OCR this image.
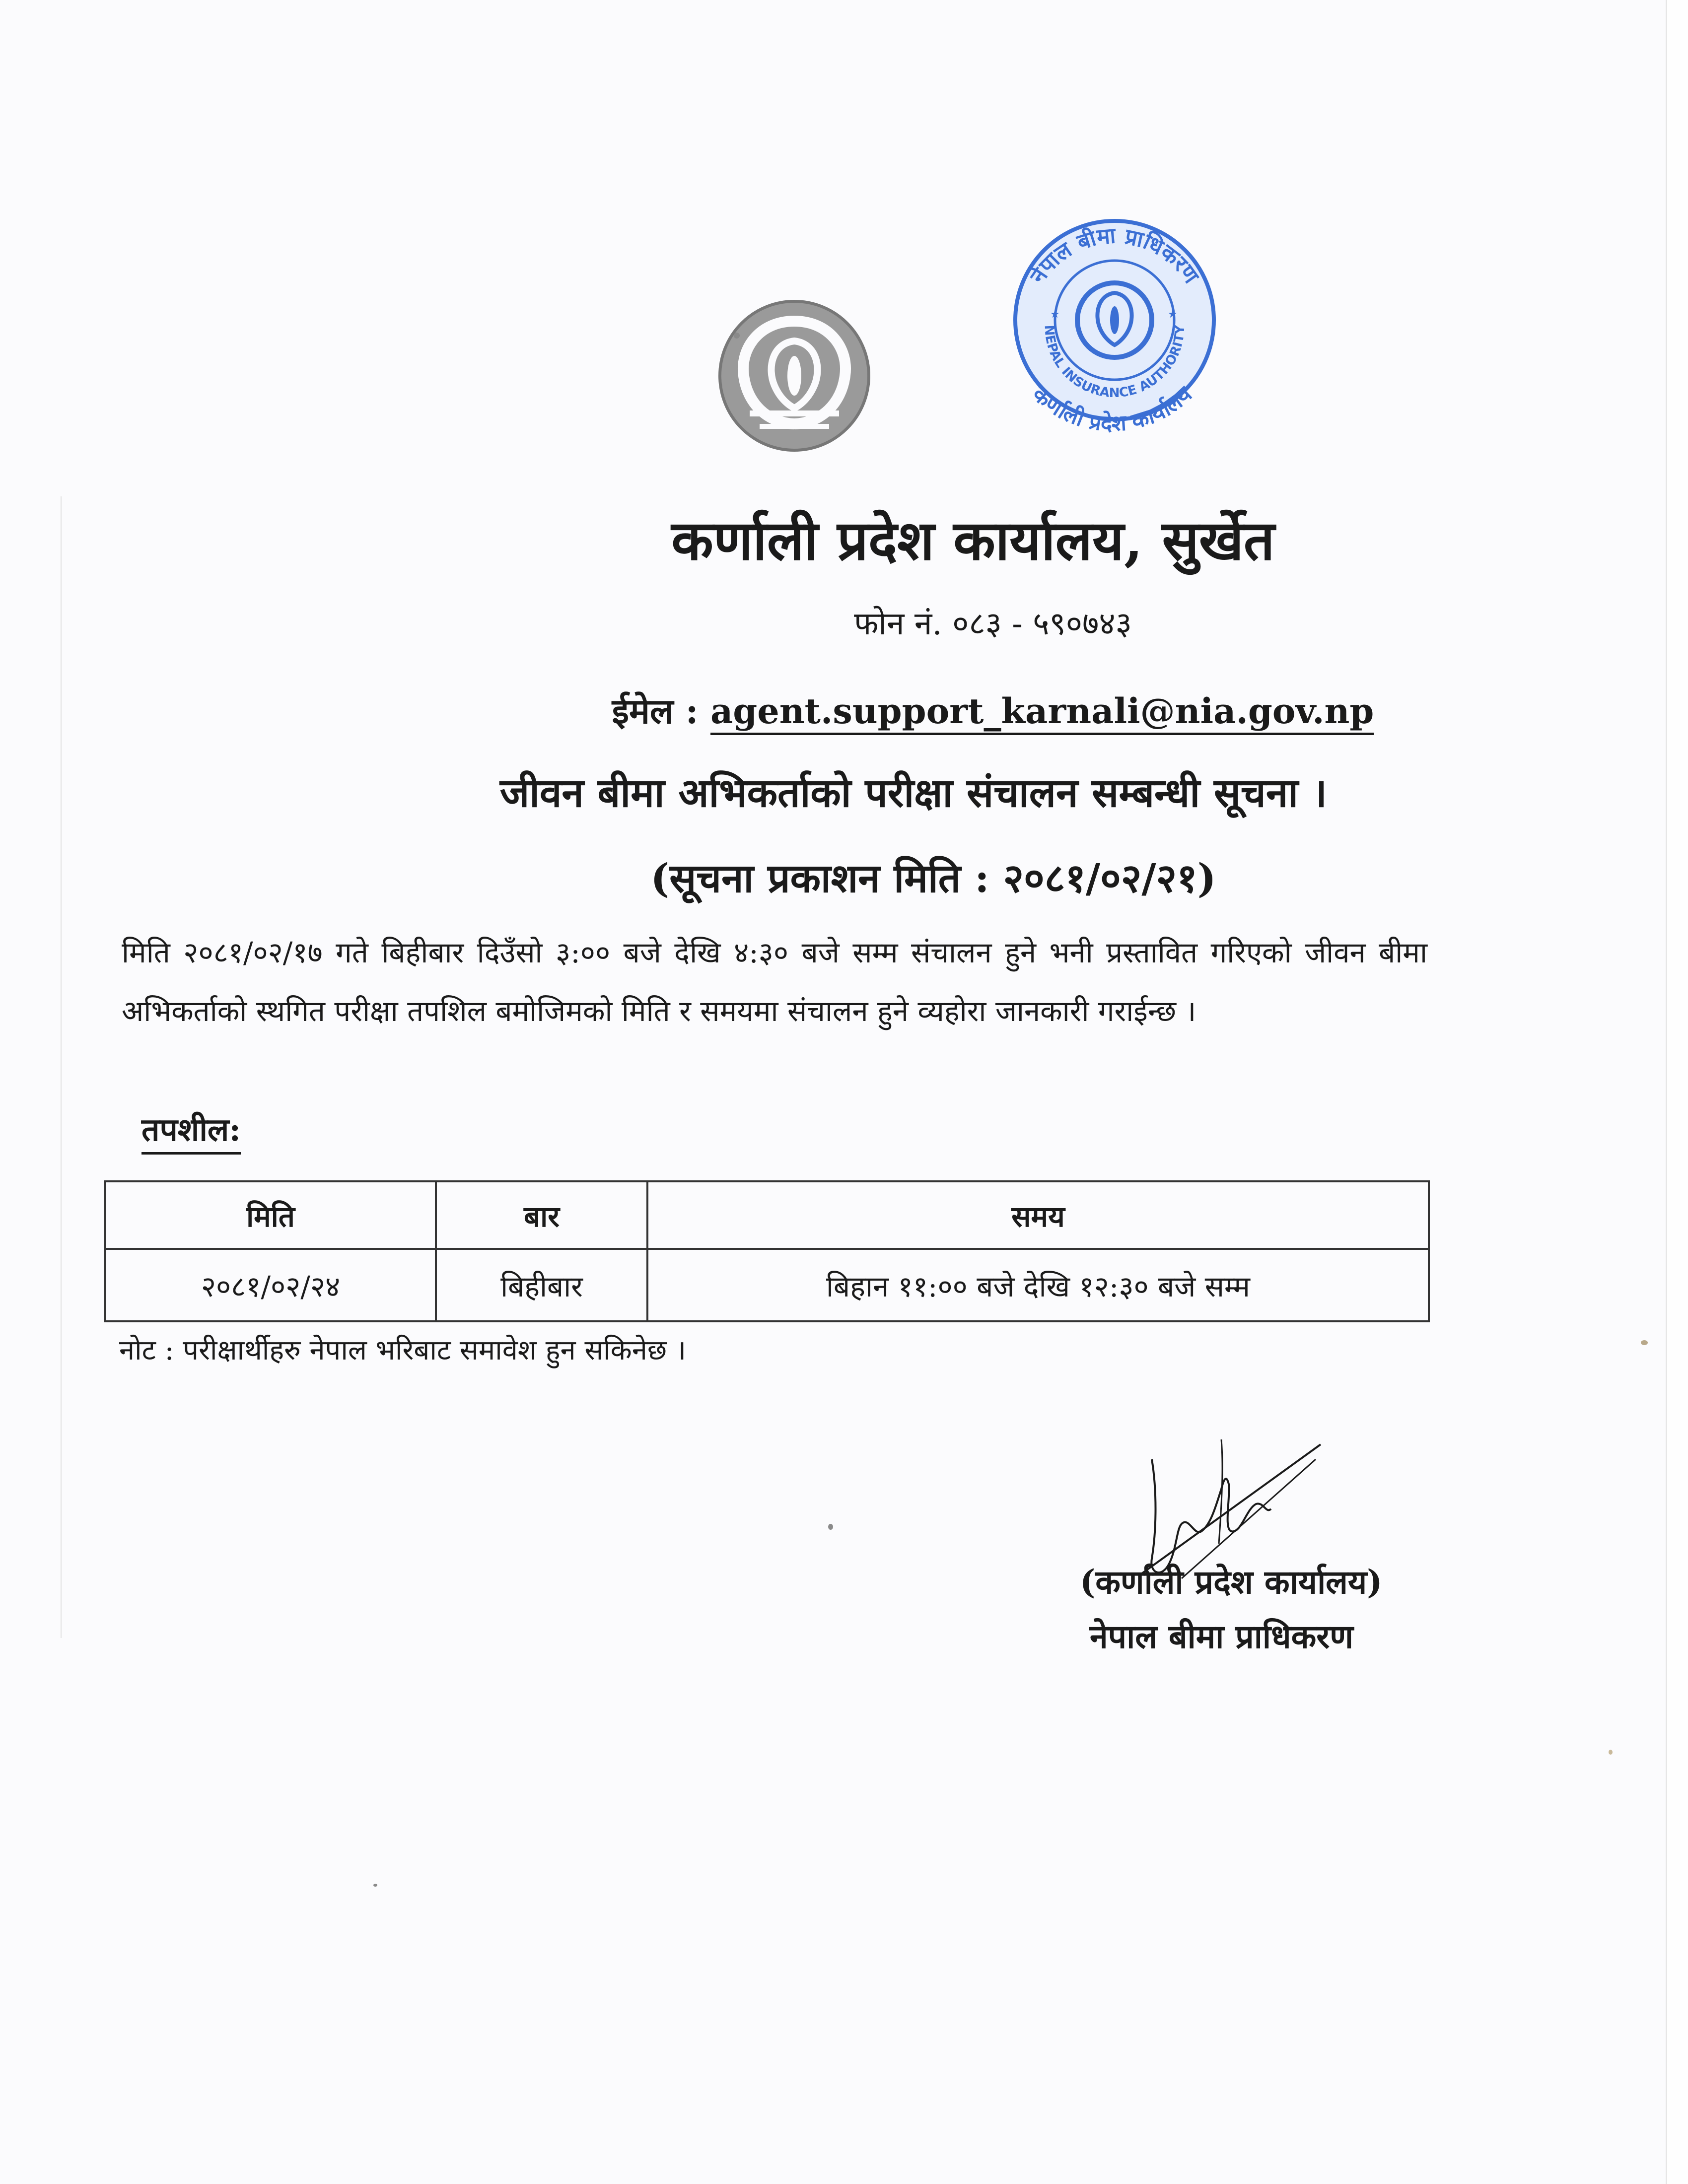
नेपाल बीमा प्राधिकरण
NEPAL INSURANCE AUTHORITY
कर्णाली प्रदेश कार्यालय
★	★
कर्णाली प्रदेश कार्यालय, सुर्खेत
फोन नं. ०८३ - ५९०७४३
ईमेल : agent.support_karnali@nia.gov.np
जीवन बीमा अभिकर्ताको परीक्षा संचालन सम्बन्धी सूचना ।
(सूचना प्रकाशन मिति : २०८१/०२/२१)
मिति २०८१/०२/१७ गते बिहीबार दिउँसो ३:०० बजे देखि ४:३० बजे सम्म संचालन हुने भनी प्रस्तावित गरिएको जीवन बीमा अभिकर्ताको स्थगित परीक्षा तपशिल बमोजिमको मिति र समयमा संचालन हुने व्यहोरा जानकारी गराईन्छ ।
तपशील:
मिति	बार	समय
२०८१/०२/२४	बिहीबार	बिहान ११:०० बजे देखि १२:३० बजे सम्म
नोट : परीक्षार्थीहरु नेपाल भरिबाट समावेश हुन सकिनेछ ।
(कर्णाली प्रदेश कार्यालय)
नेपाल बीमा प्राधिकरण
